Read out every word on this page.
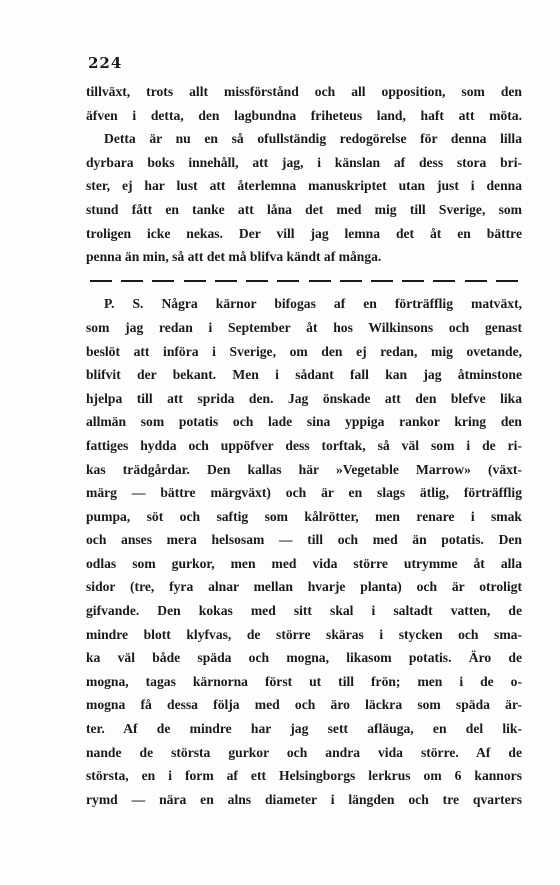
224
tillväxt, trots allt missförstånd och all opposition, som den
äfven i detta, den lagbundna friheteus land, haft att möta.
Detta är nu en så ofullständig redogörelse för denna lilla
dyrbara boks innehåll, att jag, i känslan af dess stora bri-
ster, ej har lust att återlemna manuskriptet utan just i denna
stund fått en tanke att låna det med mig till Sverige, som
troligen icke nekas. Der vill jag lemna det åt en bättre
penna än min, så att det må blifva kändt af många.
P. S. Några kärnor bifogas af en förträfflig matväxt,
som jag redan i September åt hos Wilkinsons och genast
beslöt att införa i Sverige, om den ej redan, mig ovetande,
blifvit der bekant. Men i sådant fall kan jag åtminstone
hjelpa till att sprida den. Jag önskade att den blefve lika
allmän som potatis och lade sina yppiga rankor kring den
fattiges hydda och uppöfver dess torftak, så väl som i de ri-
kas trädgårdar. Den kallas här »Vegetable Marrow» (växt-
märg — bättre märgväxt) och är en slags ätlig, förträfflig
pumpa, söt och saftig som kålrötter, men renare i smak
och anses mera helsosam — till och med än potatis. Den
odlas som gurkor, men med vida större utrymme åt alla
sidor (tre, fyra alnar mellan hvarje planta) och är otroligt
gifvande. Den kokas med sitt skal i saltadt vatten, de
mindre blott klyfvas, de större skäras i stycken och sma-
ka väl både späda och mogna, likasom potatis. Äro de
mogna, tagas kärnorna först ut till frön; men i de o-
mogna få dessa följa med och äro läckra som späda är-
ter. Af de mindre har jag sett afläuga, en del lik-
nande de största gurkor och andra vida större. Af de
största, en i form af ett Helsingborgs lerkrus om 6 kannors
rymd — nära en alns diameter i längden och tre qvarters
